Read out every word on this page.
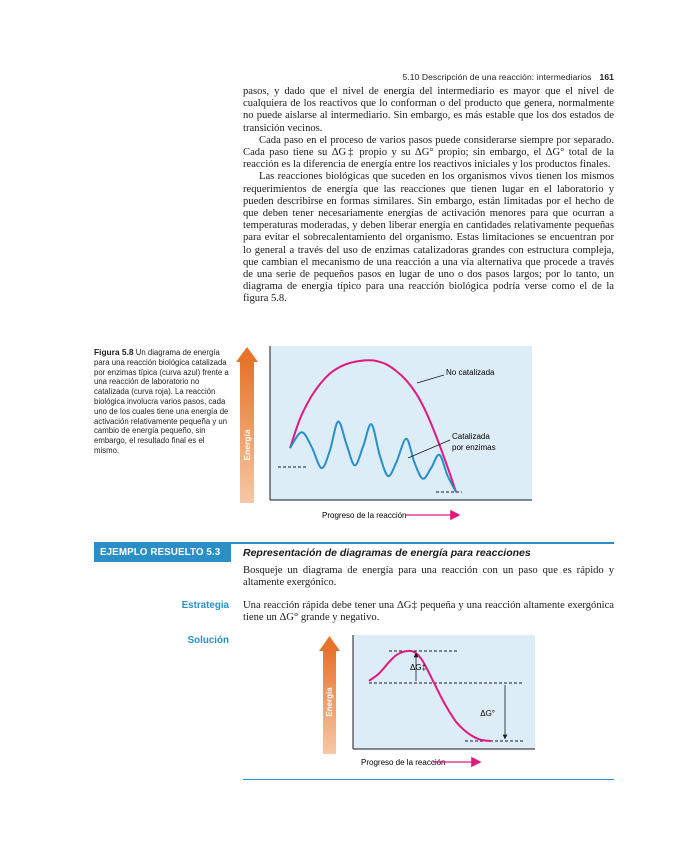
5.10 Descripción de una reacción: intermediarios 161

pasos, y dado que el nivel de energía del intermediario es mayor que el nivel de cualquiera de los reactivos que lo conforman o del producto que genera, normalmente no puede aislarse al intermediario. Sin embargo, es más estable que los dos estados de transición vecinos.

Cada paso en el proceso de varios pasos puede considerarse siempre por separado. Cada paso tiene su ΔG‡ propio y su ΔG° propio; sin embargo, el ΔG° total de la reacción es la diferencia de energía entre los reactivos iniciales y los productos finales.

Las reacciones biológicas que suceden en los organismos vivos tienen los mismos requerimientos de energía que las reacciones que tienen lugar en el laboratorio y pueden describirse en formas similares. Sin embargo, están limitadas por el hecho de que deben tener necesariamente energías de activación menores para que ocurran a temperaturas moderadas, y deben liberar energía en cantidades relativamente pequeñas para evitar el sobrecalentamiento del organismo. Estas limitaciones se encuentran por lo general a través del uso de enzimas catalizadoras grandes con estructura compleja, que cambian el mecanismo de una reacción a una vía alternativa que procede a través de una serie de pequeños pasos en lugar de uno o dos pasos largos; por lo tanto, un diagrama de energía típico para una reacción biológica podría verse como el de la figura 5.8.

Figura 5.8 Un diagrama de energía para una reacción biológica catalizada por enzimas típica (curva azul) frente a una reacción de laboratorio no catalizada (curva roja). La reacción biológica involucra varios pasos, cada uno de los cuales tiene una energía de activación relativamente pequeña y un cambio de energía pequeño, sin embargo, el resultado final es el mismo.	Energía
No catalizada
Catalizada
por enzimas
Progreso de la reacción
EJEMPLO RESUELTO 5.3	Representación de diagramas de energía para reacciones
Bosqueje un diagrama de energía para una reacción con un paso que es rápido y altamente exergónico.
Estrategia Una reacción rápida debe tener una ΔG‡ pequeña y una reacción altamente exergónica tiene un ΔG° grande y negativo.
Solución
Energía
ΔG‡
ΔG°
Progreso de la reacción
